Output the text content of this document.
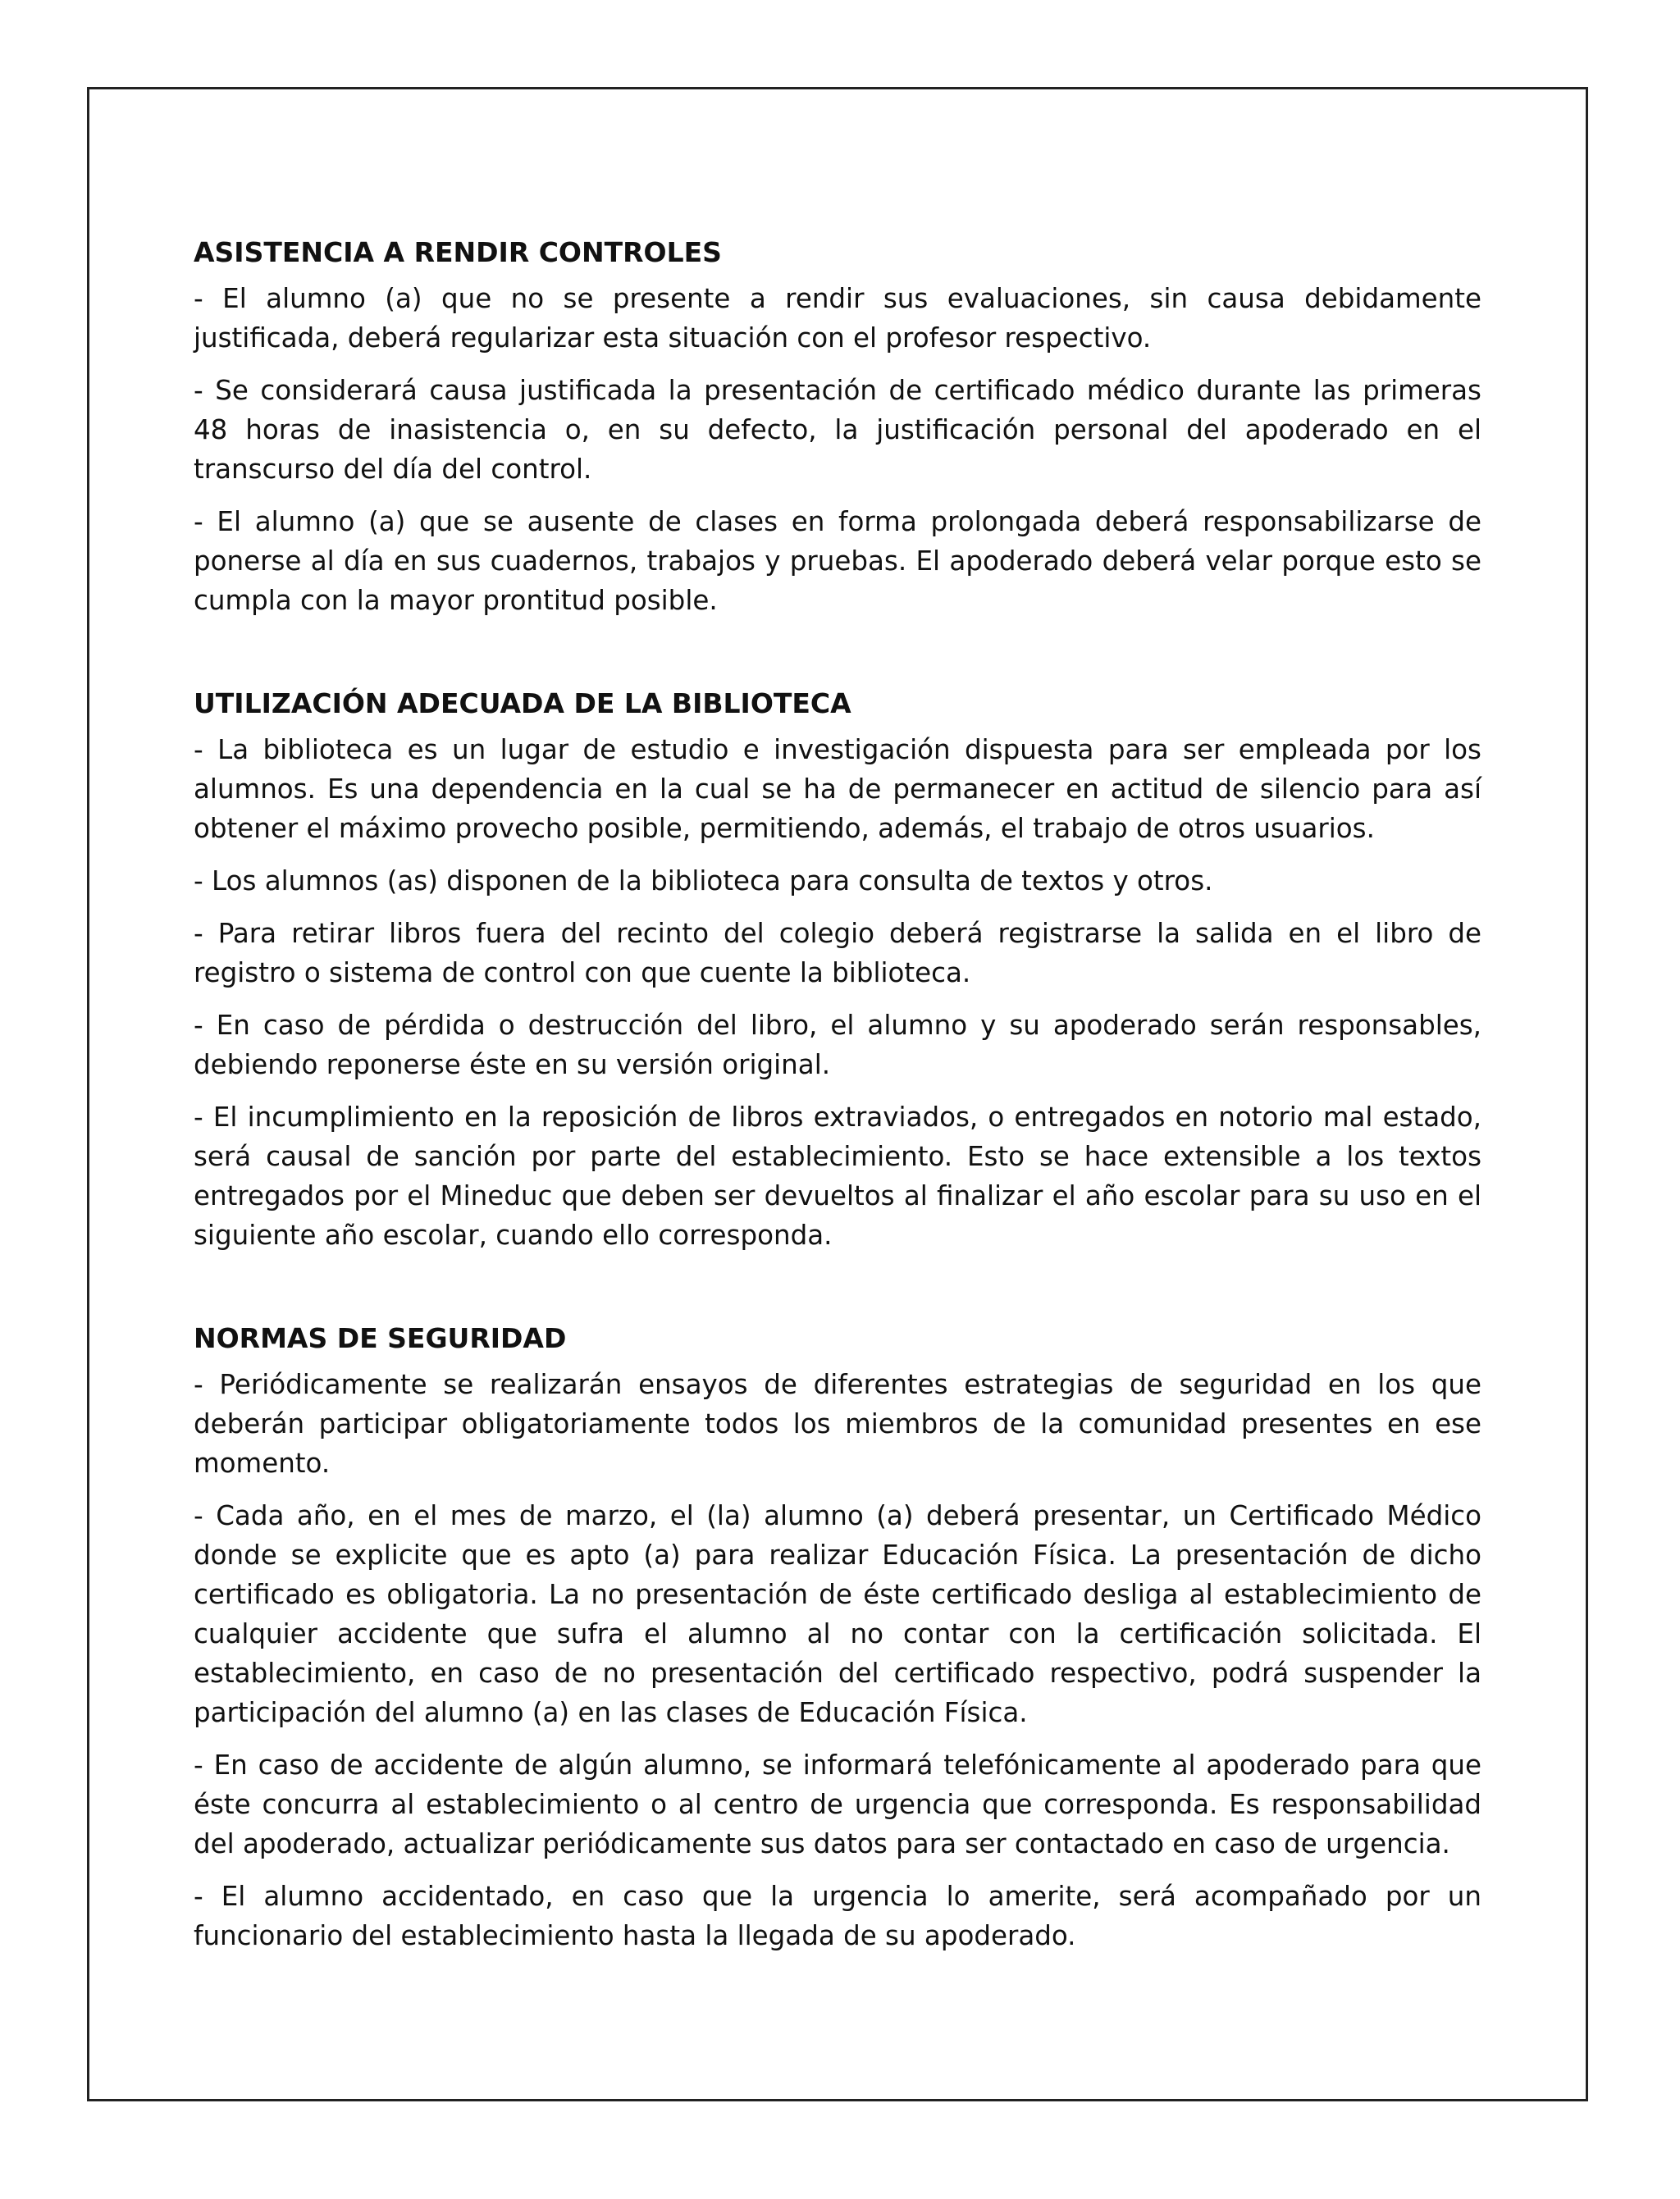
ASISTENCIA A RENDIR CONTROLES

- El alumno (a) que no se presente a rendir sus evaluaciones, sin causa debidamente justificada, deberá regularizar esta situación con el profesor respectivo.

- Se considerará causa justificada la presentación de certificado médico durante las primeras 48 horas de inasistencia o, en su defecto, la justificación personal del apoderado en el transcurso del día del control.

- El alumno (a) que se ausente de clases en forma prolongada deberá responsabilizarse de ponerse al día en sus cuadernos, trabajos y pruebas. El apoderado deberá velar porque esto se cumpla con la mayor prontitud posible.

UTILIZACIÓN ADECUADA DE LA BIBLIOTECA

- La biblioteca es un lugar de estudio e investigación dispuesta para ser empleada por los alumnos. Es una dependencia en la cual se ha de permanecer en actitud de silencio para así obtener el máximo provecho posible, permitiendo, además, el trabajo de otros usuarios.

- Los alumnos (as) disponen de la biblioteca para consulta de textos y otros.

- Para retirar libros fuera del recinto del colegio deberá registrarse la salida en el libro de registro o sistema de control con que cuente la biblioteca.

- En caso de pérdida o destrucción del libro, el alumno y su apoderado serán responsables, debiendo reponerse éste en su versión original.

- El incumplimiento en la reposición de libros extraviados, o entregados en notorio mal estado, será causal de sanción por parte del establecimiento. Esto se hace extensible a los textos entregados por el Mineduc que deben ser devueltos al finalizar el año escolar para su uso en el siguiente año escolar, cuando ello corresponda.

NORMAS DE SEGURIDAD

- Periódicamente se realizarán ensayos de diferentes estrategias de seguridad en los que deberán participar obligatoriamente todos los miembros de la comunidad presentes en ese momento.

- Cada año, en el mes de marzo, el (la) alumno (a) deberá presentar, un Certificado Médico donde se explicite que es apto (a) para realizar Educación Física. La presentación de dicho certificado es obligatoria. La no presentación de éste certificado desliga al establecimiento de cualquier accidente que sufra el alumno al no contar con la certificación solicitada. El establecimiento, en caso de no presentación del certificado respectivo, podrá suspender la participación del alumno (a) en las clases de Educación Física.

- En caso de accidente de algún alumno, se informará telefónicamente al apoderado para que éste concurra al establecimiento o al centro de urgencia que corresponda. Es responsabilidad del apoderado, actualizar periódicamente sus datos para ser contactado en caso de urgencia.

- El alumno accidentado, en caso que la urgencia lo amerite, será acompañado por un funcionario del establecimiento hasta la llegada de su apoderado.
